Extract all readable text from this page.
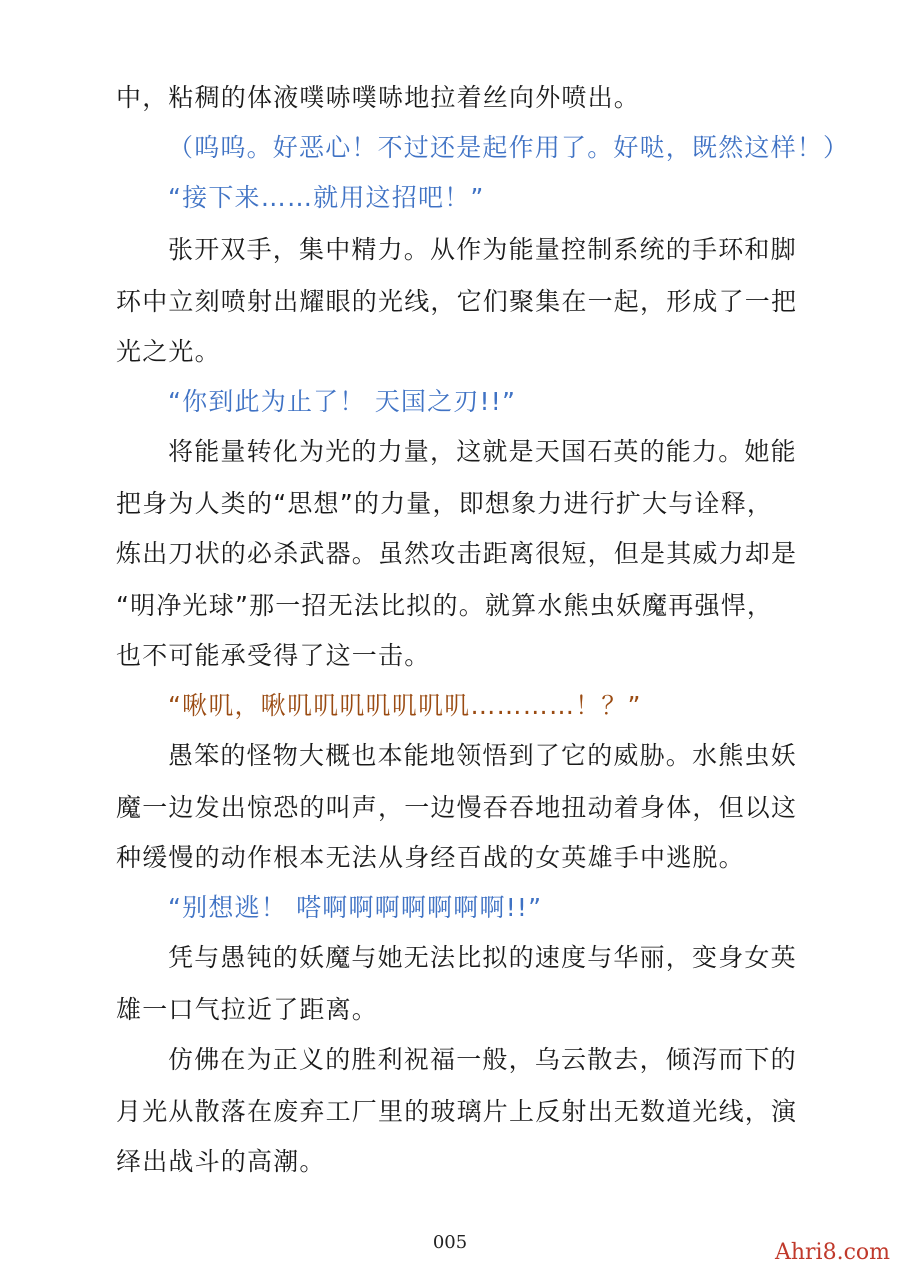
中，粘稠的体液噗哧噗哧地拉着丝向外喷出。
（呜呜。好恶心！不过还是起作用了。好哒，既然这样！）
“接下来……就用这招吧！”
张开双手，集中精力。从作为能量控制系统的手环和脚
环中立刻喷射出耀眼的光线，它们聚集在一起，形成了一把
光之光。
“你到此为止了！ 天国之刃!!”
将能量转化为光的力量，这就是天国石英的能力。她能
把身为人类的“思想”的力量，即想象力进行扩大与诠释，
炼出刀状的必杀武器。虽然攻击距离很短，但是其威力却是
“明净光球”那一招无法比拟的。就算水熊虫妖魔再强悍，
也不可能承受得了这一击。
“啾叽，啾叽叽叽叽叽叽叽…………！？”
愚笨的怪物大概也本能地领悟到了它的威胁。水熊虫妖
魔一边发出惊恐的叫声，一边慢吞吞地扭动着身体，但以这
种缓慢的动作根本无法从身经百战的女英雄手中逃脱。
“别想逃！ 嗒啊啊啊啊啊啊啊!!”
凭与愚钝的妖魔与她无法比拟的速度与华丽，变身女英
雄一口气拉近了距离。
仿佛在为正义的胜利祝福一般，乌云散去，倾泻而下的
月光从散落在废弃工厂里的玻璃片上反射出无数道光线，演
绎出战斗的高潮。
005	Ahri8.com
